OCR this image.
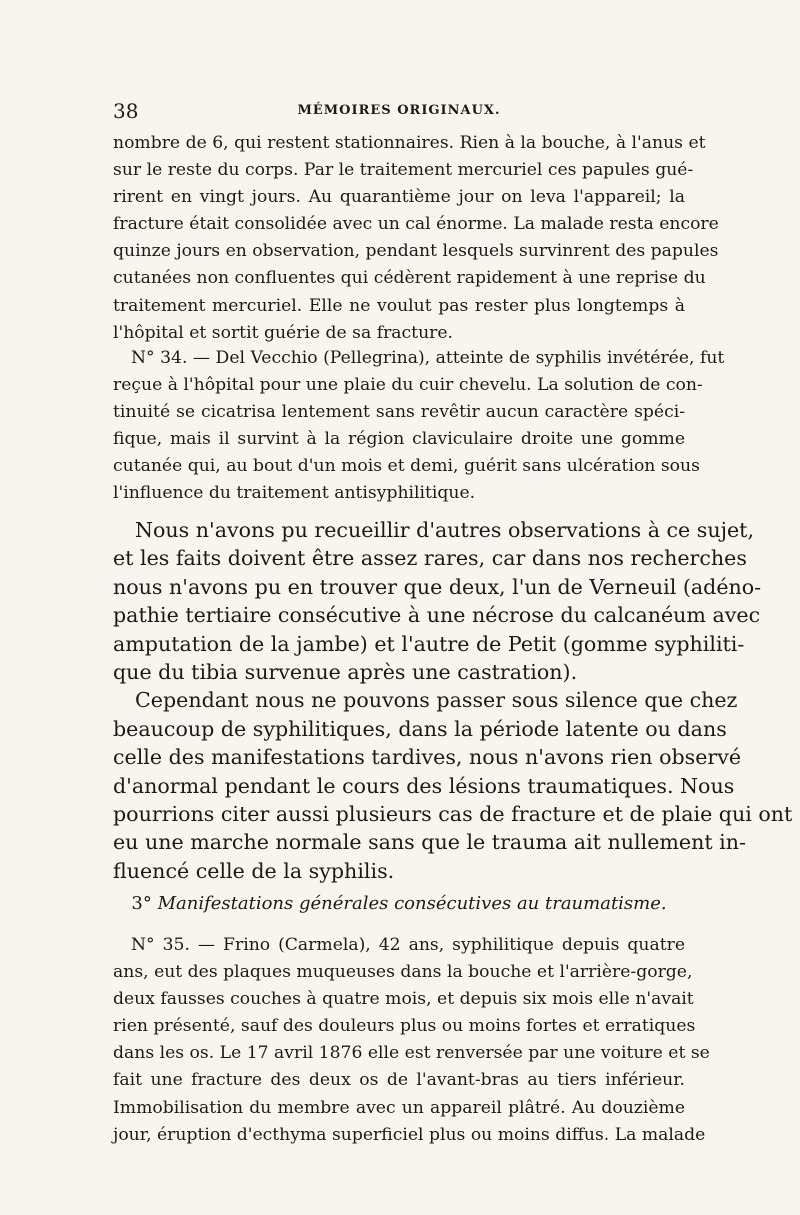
38	MÉMOIRES ORIGINAUX.
nombre de 6, qui restent stationnaires. Rien à la bouche, à l'anus et
sur le reste du corps. Par le traitement mercuriel ces papules gué-
rirent en vingt jours. Au quarantième jour on leva l'appareil; la
fracture était consolidée avec un cal énorme. La malade resta encore
quinze jours en observation, pendant lesquels survinrent des papules
cutanées non confluentes qui cédèrent rapidement à une reprise du
traitement mercuriel. Elle ne voulut pas rester plus longtemps à
l'hôpital et sortit guérie de sa fracture.
N° 34. — Del Vecchio (Pellegrina), atteinte de syphilis invétérée, fut
reçue à l'hôpital pour une plaie du cuir chevelu. La solution de con-
tinuité se cicatrisa lentement sans revêtir aucun caractère spéci-
fique, mais il survint à la région claviculaire droite une gomme
cutanée qui, au bout d'un mois et demi, guérit sans ulcération sous
l'influence du traitement antisyphilitique.
Nous n'avons pu recueillir d'autres observations à ce sujet,
et les faits doivent être assez rares, car dans nos recherches
nous n'avons pu en trouver que deux, l'un de Verneuil (adéno-
pathie tertiaire consécutive à une nécrose du calcanéum avec
amputation de la jambe) et l'autre de Petit (gomme syphiliti-
que du tibia survenue après une castration).
Cependant nous ne pouvons passer sous silence que chez
beaucoup de syphilitiques, dans la période latente ou dans
celle des manifestations tardives, nous n'avons rien observé
d'anormal pendant le cours des lésions traumatiques. Nous
pourrions citer aussi plusieurs cas de fracture et de plaie qui ont
eu une marche normale sans que le trauma ait nullement in-
fluencé celle de la syphilis.
3° Manifestations générales consécutives au traumatisme.
N° 35. — Frino (Carmela), 42 ans, syphilitique depuis quatre
ans, eut des plaques muqueuses dans la bouche et l'arrière-gorge,
deux fausses couches à quatre mois, et depuis six mois elle n'avait
rien présenté, sauf des douleurs plus ou moins fortes et erratiques
dans les os. Le 17 avril 1876 elle est renversée par une voiture et se
fait une fracture des deux os de l'avant-bras au tiers inférieur.
Immobilisation du membre avec un appareil plâtré. Au douzième
jour, éruption d'ecthyma superficiel plus ou moins diffus. La malade
